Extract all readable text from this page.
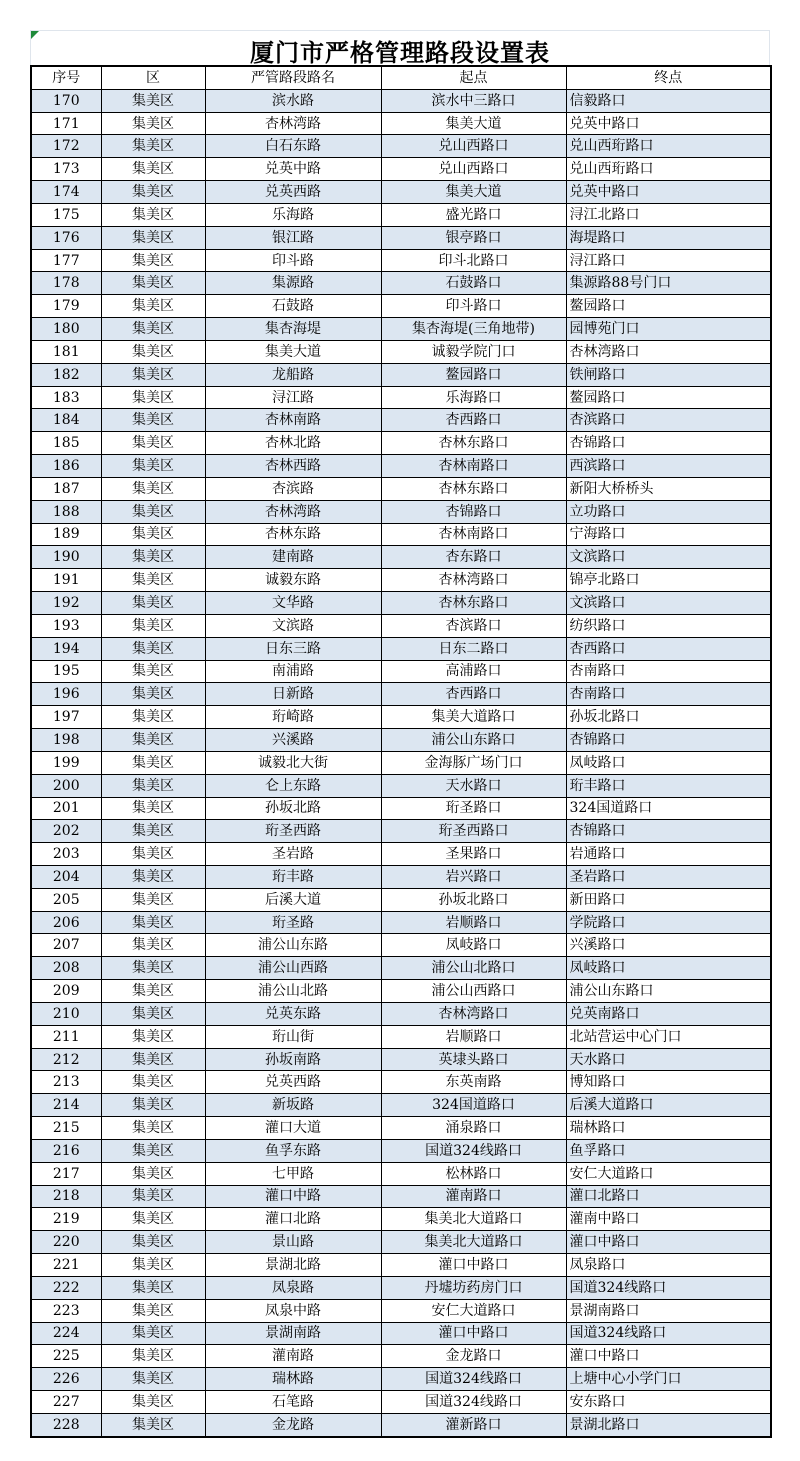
厦门市严格管理路段设置表
序号	区	严管路段路名	起点	终点
170	集美区	滨水路	滨水中三路口	信毅路口
171	集美区	杏林湾路	集美大道	兑英中路口
172	集美区	白石东路	兑山西路口	兑山西珩路口
173	集美区	兑英中路	兑山西路口	兑山西珩路口
174	集美区	兑英西路	集美大道	兑英中路口
175	集美区	乐海路	盛光路口	浔江北路口
176	集美区	银江路	银亭路口	海堤路口
177	集美区	印斗路	印斗北路口	浔江路口
178	集美区	集源路	石鼓路口	集源路88号门口
179	集美区	石鼓路	印斗路口	鳌园路口
180	集美区	集杏海堤	集杏海堤(三角地带)	园博苑门口
181	集美区	集美大道	诚毅学院门口	杏林湾路口
182	集美区	龙船路	鳌园路口	铁闸路口
183	集美区	浔江路	乐海路口	鳌园路口
184	集美区	杏林南路	杏西路口	杏滨路口
185	集美区	杏林北路	杏林东路口	杏锦路口
186	集美区	杏林西路	杏林南路口	西滨路口
187	集美区	杏滨路	杏林东路口	新阳大桥桥头
188	集美区	杏林湾路	杏锦路口	立功路口
189	集美区	杏林东路	杏林南路口	宁海路口
190	集美区	建南路	杏东路口	文滨路口
191	集美区	诚毅东路	杏林湾路口	锦亭北路口
192	集美区	文华路	杏林东路口	文滨路口
193	集美区	文滨路	杏滨路口	纺织路口
194	集美区	日东三路	日东二路口	杏西路口
195	集美区	南浦路	高浦路口	杏南路口
196	集美区	日新路	杏西路口	杏南路口
197	集美区	珩崎路	集美大道路口	孙坂北路口
198	集美区	兴溪路	浦公山东路口	杏锦路口
199	集美区	诚毅北大街	金海豚广场门口	凤岐路口
200	集美区	仑上东路	天水路口	珩丰路口
201	集美区	孙坂北路	珩圣路口	324国道路口
202	集美区	珩圣西路	珩圣西路口	杏锦路口
203	集美区	圣岩路	圣果路口	岩通路口
204	集美区	珩丰路	岩兴路口	圣岩路口
205	集美区	后溪大道	孙坂北路口	新田路口
206	集美区	珩圣路	岩顺路口	学院路口
207	集美区	浦公山东路	凤岐路口	兴溪路口
208	集美区	浦公山西路	浦公山北路口	凤岐路口
209	集美区	浦公山北路	浦公山西路口	浦公山东路口
210	集美区	兑英东路	杏林湾路口	兑英南路口
211	集美区	珩山街	岩顺路口	北站营运中心门口
212	集美区	孙坂南路	英埭头路口	天水路口
213	集美区	兑英西路	东英南路	博知路口
214	集美区	新坂路	324国道路口	后溪大道路口
215	集美区	灌口大道	涌泉路口	瑞林路口
216	集美区	鱼孚东路	国道324线路口	鱼孚路口
217	集美区	七甲路	松林路口	安仁大道路口
218	集美区	灌口中路	灌南路口	灌口北路口
219	集美区	灌口北路	集美北大道路口	灌南中路口
220	集美区	景山路	集美北大道路口	灌口中路口
221	集美区	景湖北路	灌口中路口	凤泉路口
222	集美区	凤泉路	丹墟坊药房门口	国道324线路口
223	集美区	凤泉中路	安仁大道路口	景湖南路口
224	集美区	景湖南路	灌口中路口	国道324线路口
225	集美区	灌南路	金龙路口	灌口中路口
226	集美区	瑞林路	国道324线路口	上塘中心小学门口
227	集美区	石笔路	国道324线路口	安东路口
228	集美区	金龙路	灌新路口	景湖北路口
